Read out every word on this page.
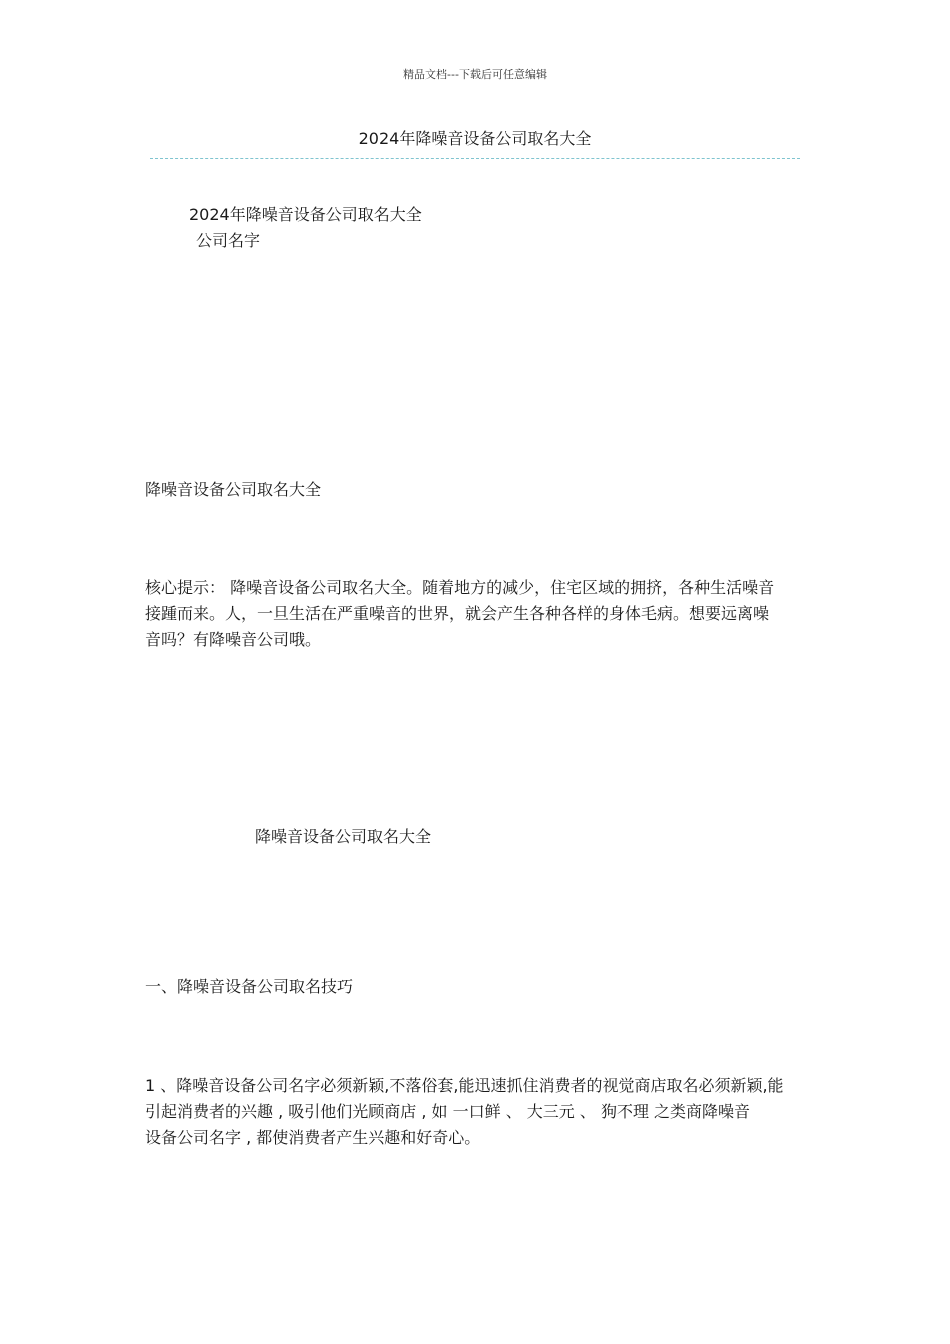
精品文档---下载后可任意编辑
2024年降噪音设备公司取名大全
2024年降噪音设备公司取名大全
公司名字
降噪音设备公司取名大全
核心提示： 降噪音设备公司取名大全。随着地方的减少，住宅区域的拥挤，各种生活噪音
接踵而来。人，一旦生活在严重噪音的世界，就会产生各种各样的身体毛病。想要远离噪
音吗？有降噪音公司哦。
降噪音设备公司取名大全
一、降噪音设备公司取名技巧
1 、降噪音设备公司名字必须新颖,不落俗套,能迅速抓住消费者的视觉商店取名必须新颖,能
引起消费者的兴趣 , 吸引他们光顾商店 , 如 一口鲜 、 大三元 、 狗不理 之类商降噪音
设备公司名字 , 都使消费者产生兴趣和好奇心。
